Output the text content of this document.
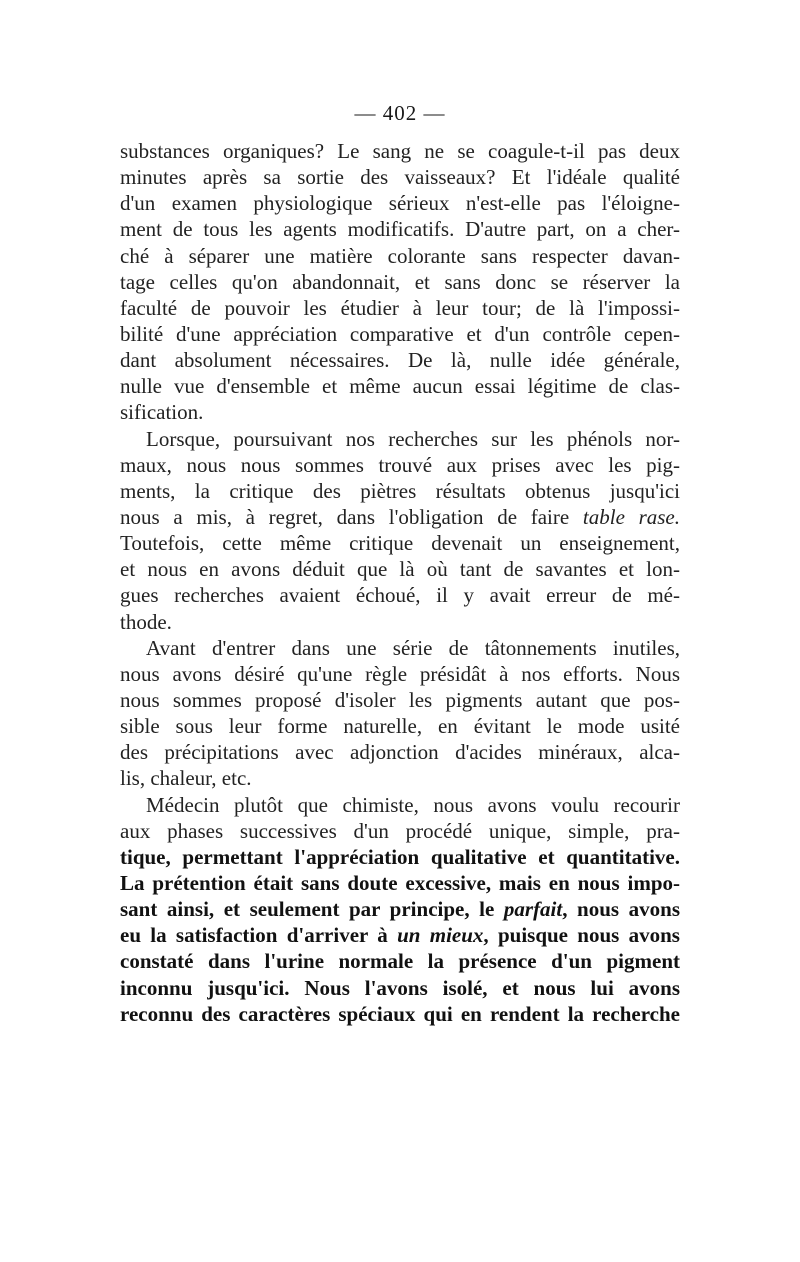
— 402 —
substances organiques? Le sang ne se coagule-t-il pas deux
minutes après sa sortie des vaisseaux? Et l'idéale qualité
d'un examen physiologique sérieux n'est-elle pas l'éloigne-
ment de tous les agents modificatifs. D'autre part, on a cher-
ché à séparer une matière colorante sans respecter davan-
tage celles qu'on abandonnait, et sans donc se réserver la
faculté de pouvoir les étudier à leur tour; de là l'impossi-
bilité d'une appréciation comparative et d'un contrôle cepen-
dant absolument nécessaires. De là, nulle idée générale,
nulle vue d'ensemble et même aucun essai légitime de clas-
sification.
Lorsque, poursuivant nos recherches sur les phénols nor-
maux, nous nous sommes trouvé aux prises avec les pig-
ments, la critique des piètres résultats obtenus jusqu'ici
nous a mis, à regret, dans l'obligation de faire table rase.
Toutefois, cette même critique devenait un enseignement,
et nous en avons déduit que là où tant de savantes et lon-
gues recherches avaient échoué, il y avait erreur de mé-
thode.
Avant d'entrer dans une série de tâtonnements inutiles,
nous avons désiré qu'une règle présidât à nos efforts. Nous
nous sommes proposé d'isoler les pigments autant que pos-
sible sous leur forme naturelle, en évitant le mode usité
des précipitations avec adjonction d'acides minéraux, alca-
lis, chaleur, etc.
Médecin plutôt que chimiste, nous avons voulu recourir
aux phases successives d'un procédé unique, simple, pra-
tique, permettant l'appréciation qualitative et quantitative.
La prétention était sans doute excessive, mais en nous impo-
sant ainsi, et seulement par principe, le parfait, nous avons
eu la satisfaction d'arriver à un mieux, puisque nous avons
constaté dans l'urine normale la présence d'un pigment
inconnu jusqu'ici. Nous l'avons isolé, et nous lui avons
reconnu des caractères spéciaux qui en rendent la recherche
